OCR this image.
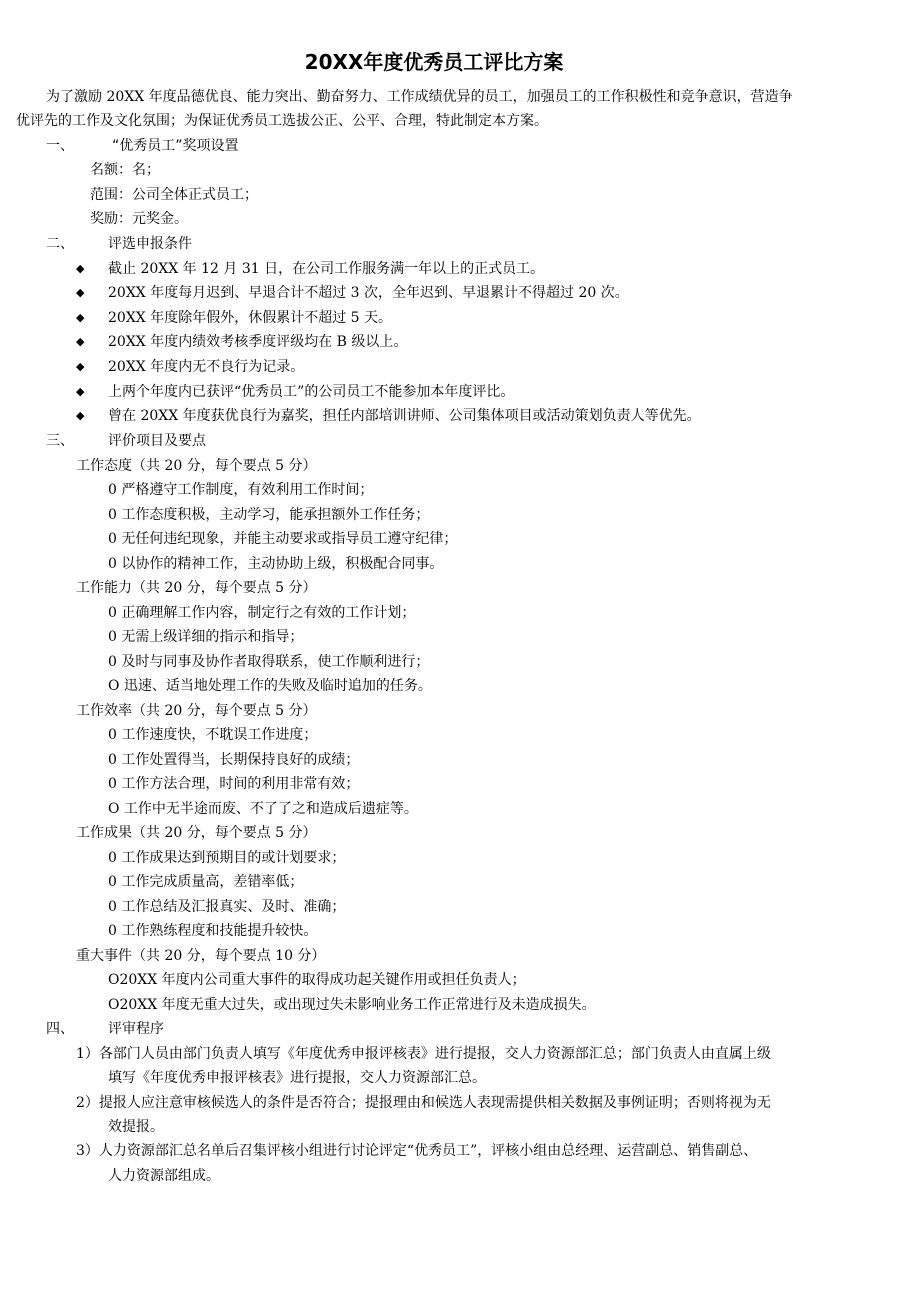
20XX年度优秀员工评比方案
为了激励 20XX 年度品德优良、能力突出、勤奋努力、工作成绩优异的员工，加强员工的工作积极性和竞争意识，营造争
优评先的工作及文化氛围；为保证优秀员工选拔公正、公平、合理，特此制定本方案。
一、	“优秀员工”奖项设置
名额：名；
范围：公司全体正式员工；
奖励：元奖金。
二、 评选申报条件
◆ 截止 20XX 年 12 月 31 日，在公司工作服务满一年以上的正式员工。
◆ 20XX 年度每月迟到、早退合计不超过 3 次，全年迟到、早退累计不得超过 20 次。
◆ 20XX 年度除年假外，休假累计不超过 5 天。
◆ 20XX 年度内绩效考核季度评级均在 B 级以上。
◆ 20XX 年度内无不良行为记录。
◆ 上两个年度内已获评“优秀员工”的公司员工不能参加本年度评比。
◆ 曾在 20XX 年度获优良行为嘉奖，担任内部培训讲师、公司集体项目或活动策划负责人等优先。
三、 评价项目及要点
工作态度（共 20 分，每个要点 5 分）
0 严格遵守工作制度，有效利用工作时间；
0 工作态度积极，主动学习，能承担额外工作任务；
0 无任何违纪现象，并能主动要求或指导员工遵守纪律；
0 以协作的精神工作，主动协助上级，积极配合同事。
工作能力（共 20 分，每个要点 5 分）
0 正确理解工作内容，制定行之有效的工作计划；
0 无需上级详细的指示和指导；
0 及时与同事及协作者取得联系，使工作顺利进行；
O 迅速、适当地处理工作的失败及临时追加的任务。
工作效率（共 20 分，每个要点 5 分）
0 工作速度快，不耽误工作进度；
0 工作处置得当，长期保持良好的成绩；
0 工作方法合理，时间的利用非常有效；
O 工作中无半途而废、不了了之和造成后遗症等。
工作成果（共 20 分，每个要点 5 分）
0 工作成果达到预期目的或计划要求；
0 工作完成质量高，差错率低；
0 工作总结及汇报真实、及时、准确；
0 工作熟练程度和技能提升较快。
重大事件（共 20 分，每个要点 10 分）
O20XX 年度内公司重大事件的取得成功起关键作用或担任负责人；
O20XX 年度无重大过失，或出现过失未影响业务工作正常进行及未造成损失。
四、 评审程序
1）各部门人员由部门负责人填写《年度优秀申报评核表》进行提报，交人力资源部汇总；部门负责人由直属上级
填写《年度优秀申报评核表》进行提报，交人力资源部汇总。
2）提报人应注意审核候选人的条件是否符合；提报理由和候选人表现需提供相关数据及事例证明；否则将视为无
效提报。
3）人力资源部汇总名单后召集评核小组进行讨论评定“优秀员工”，评核小组由总经理、运营副总、销售副总、
人力资源部组成。
